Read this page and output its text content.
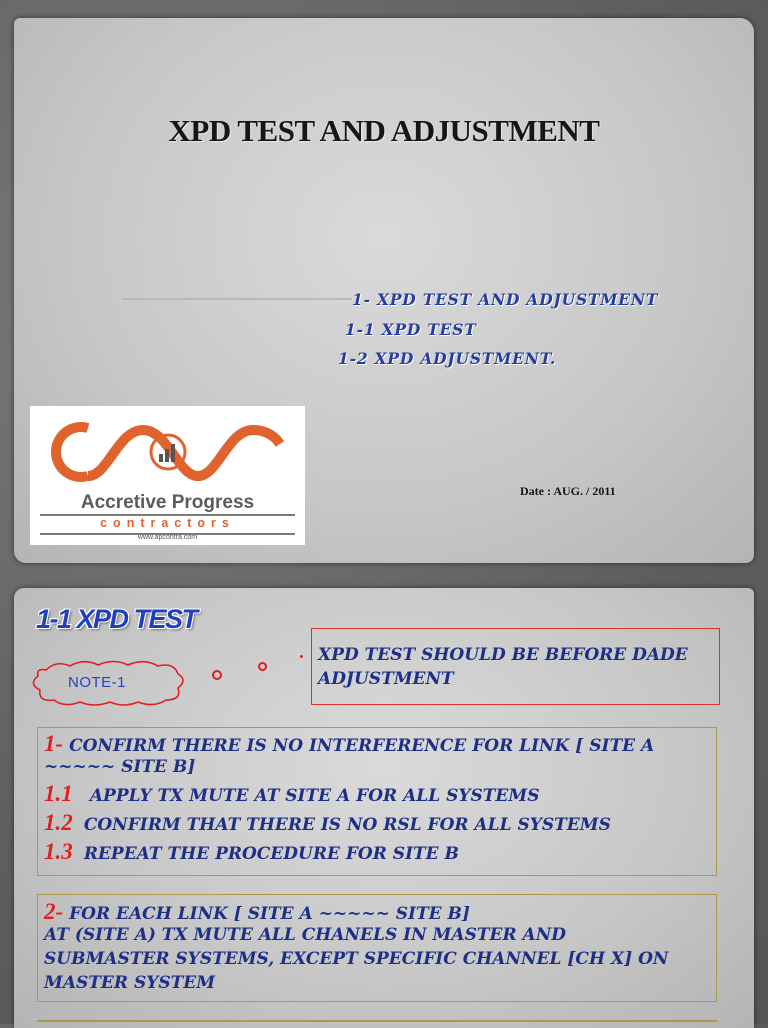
XPD TEST AND ADJUSTMENT
1- XPD TEST AND ADJUSTMENT
1-1 XPD TEST
1-2 XPD ADJUSTMENT.
Accretive Progress
contractors
www.apcontra.com
Date : AUG. / 2011
1-1 XPD TEST
NOTE-1
XPD TEST SHOULD BE BEFORE DADE ADJUSTMENT
1- CONFIRM THERE IS NO INTERFERENCE FOR LINK [ SITE A
~~~~~ SITE B]
1.1 APPLY TX MUTE AT SITE A FOR ALL SYSTEMS
1.2 CONFIRM THAT THERE IS NO RSL FOR ALL SYSTEMS
1.3 REPEAT THE PROCEDURE FOR SITE B
2- FOR EACH LINK [ SITE A ~~~~~ SITE B]
AT (SITE A) TX MUTE ALL CHANELS IN MASTER AND
SUBMASTER SYSTEMS, EXCEPT SPECIFIC CHANNEL [CH X] ON
MASTER SYSTEM
